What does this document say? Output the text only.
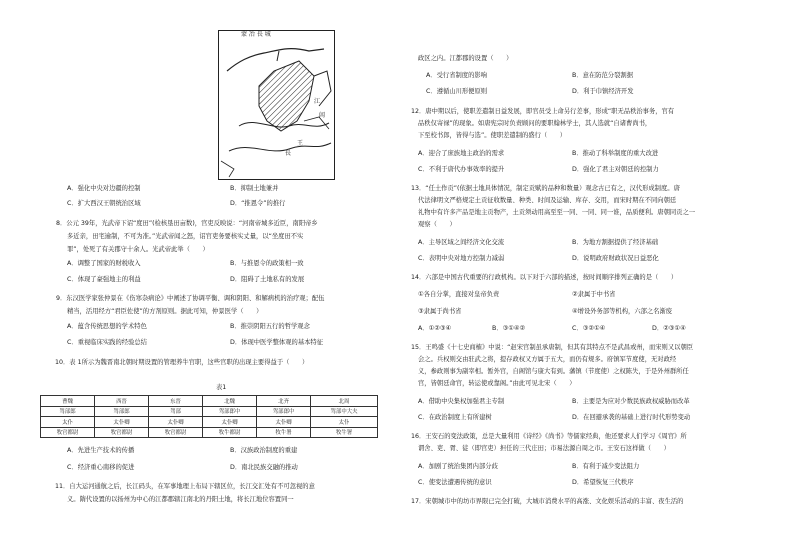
蒙 冶 長 城
江
長
王
闾
A．强化中央对边疆的控制	B．抑制土地兼并
C．扩大西汉王朝统治区域	D．“推恩令”的推行
8．公元 39年，光武帝下诏“度田”(检核垦田亩数)，官吏反映说：“河南帝城多近臣，南阳帝乡
多近亲，田宅逾制，不可为准。”光武帝闻之怒，诏官吏务要核实丈量，以“坐度田不实
罪”，处死了有关郡守十余人。光武帝此举（　　）
A．调整了国家的财税收入	B．与推恩令的政策相一致
C．体现了豪强地主的利益	D．阻碍了土地私有的发展
9．东汉医学家张仲景在《伤寒杂病论》中阐述了协调平衡、调和阴阳、和解病机的治疗观；配伍
精当，活用经方“君臣佐使”的方剂原则。据此可知，仲景医学（　　）
A．蕴含传统思想的学术特色	B．推崇阴阳五行的哲学观念
C．重视临床实践的经验总结	D．体现中医学整体观的基本特征
10．表 1所示为魏晋南北朝时期设置的管理养牛官职，这些官职的出现主要得益于（　　）
表1
曹魏	西晋	东晋	北魏	北齐	北周
驾部郎	驾部郎	驾部	驾部郎中	驾部郎中	驾部中大夫
太仆	太仆卿	太仆卿	太仆卿	太仆卿	太仆
牧官都尉	牧官都尉	牧官都尉	牧牛都尉	牧牛署	牧牛署
A．先进生产技术的传播	B．汉族政治制度的重建
C．经济重心南移的促进	D．南北民族交融的推动
11．自大运河通航之后，长江码头，在军事地理上布局下辖区位，长江交汇处有不可忽视的意
义。隋代设置的以扬州为中心的江都郡辖江南北的丹阳土地，将长江地位容置同一
政区之内。江都郡的设置（　　）
A．受行省制度的影响	B．意在防范分裂割据
C．遵循山川形便原则	D．利于巾镇经济开发
12．唐中期以后，使职差遣制日益发展，即官员受上命另行差事，形成“职无品秩治事务，官有
品秩仅寄禄”的现象。如唐宪宗时负责顾问的要职翰林学士，其人选就“自诸曹尚书，
下至校书郎，皆得与选”。使职差遣制的盛行（　　）
A．迎合了庶族地主政治的需求	B．推动了科举制度的重大改进
C．不利于唐代办事效率的提升	D．强化了君主对朝廷的控制力
13．“任土作贡”(依据土地具体情况，制定贡赋的品种和数量）观念古已有之，汉代形成制度。唐
代法律明文严格规定土贡征收数量、种类、时间及运输、库存、交用，而宋时期在不同向朝廷
礼物中有许多产品是地主贡物产，土贡须动用高至至一同、一同、同一谁，品质便利。唐朝同贡之一
观察（　　）
A．主导区域之间经济文化交流	B．为地方割据提供了经济基础
C．表明中央对地方控制力减弱	D．说明政府财政状况日益恶化
14．六部是中国古代重要的行政机构。以下对于六部的描述，按时间顺序排列正确的是（　　）
①各自分掌，直接对皇帝负责	②隶属于中书省
③隶属于尚书省	④增设外务部等机构，六部之名渐废
A．①②③④	B．③①④②	C．③②①④	D．②③①④
15．王鸣盛《十七史商榷》中说：“赵宋官制虽承唐制，但其有其特点不是武昌或州，而宋则又以朝臣
会之。兵权则交由驻武之将，提存政权又方属于五大，而仍有规多。府镇军节度使，无对政经
义，参政则事为副宰相。暂外官，自阁馆与康大有到。藩镇（节度使）之权陈失，于是外州群所任
官，皆朝廷命官，转运使或靠阁。”由此可见北宋（　　）
A．借助中央集权加强君主专制	B．主要是为应对少数民族政权威胁而改革
C．在政治制度上有所建树	D．在回避承袭的基础上进行时代形势变动
16．王安石的变法政策，总是大量利用《诗经》《尚书》等儒家经典，他还要求人们学习《周官》所
谓舍、吏、胥、徒（即官吏）担任的三代庄田；市易法源自周之市。王安石这样做（　　）
A．加剧了统治集团内部分歧	B．有利于减少变法阻力
C．使变法遭遇传统的意识	D．希望恢复三代秩序
17．宋朝城市中的坊市界限已完全打破，大城市消费水平的高涨、文化娱乐活动的丰富、夜生活的
